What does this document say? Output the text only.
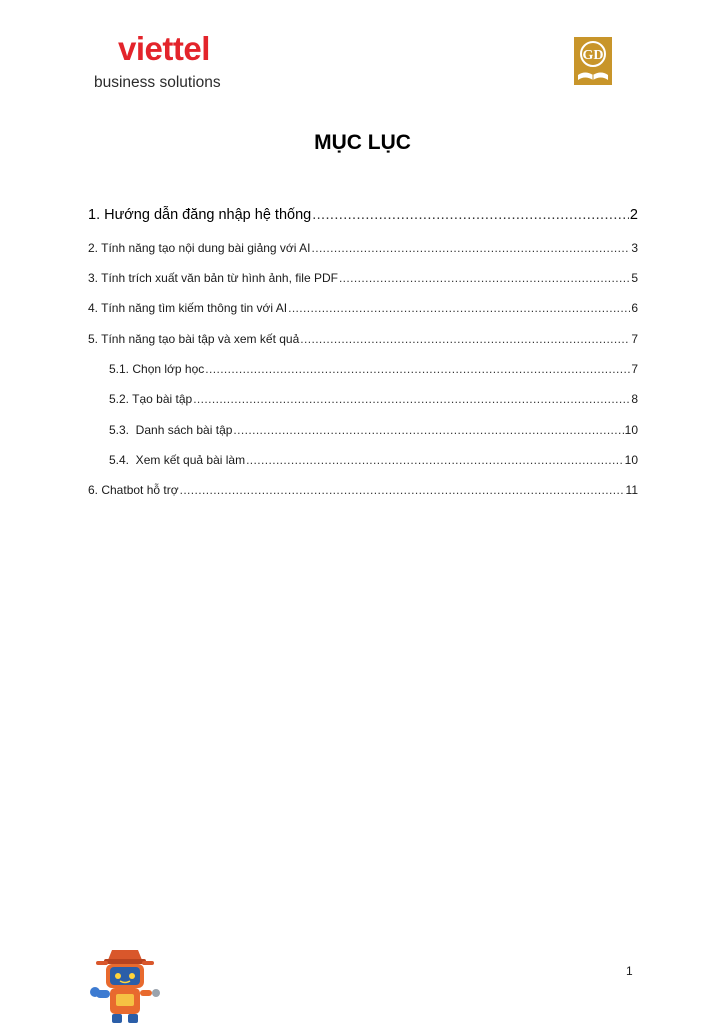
viettel
business solutions
GD
MỤC LỤC
1. Hướng dẫn đăng nhập hệ thống .....	2
2. Tính năng tạo nội dung bài giảng với AI .....	3
3. Tính trích xuất văn bản từ hình ảnh, file PDF .....	5
4. Tính năng tìm kiếm thông tin với AI .....	6
5. Tính năng tạo bài tập và xem kết quả .....	7
5.1. Chọn lớp học .....	7
5.2. Tạo bài tập .....	8
5.3.  Danh sách bài tập .....	10
5.4.  Xem kết quả bài làm .....	10
6. Chatbot hỗ trợ .....	11
1
